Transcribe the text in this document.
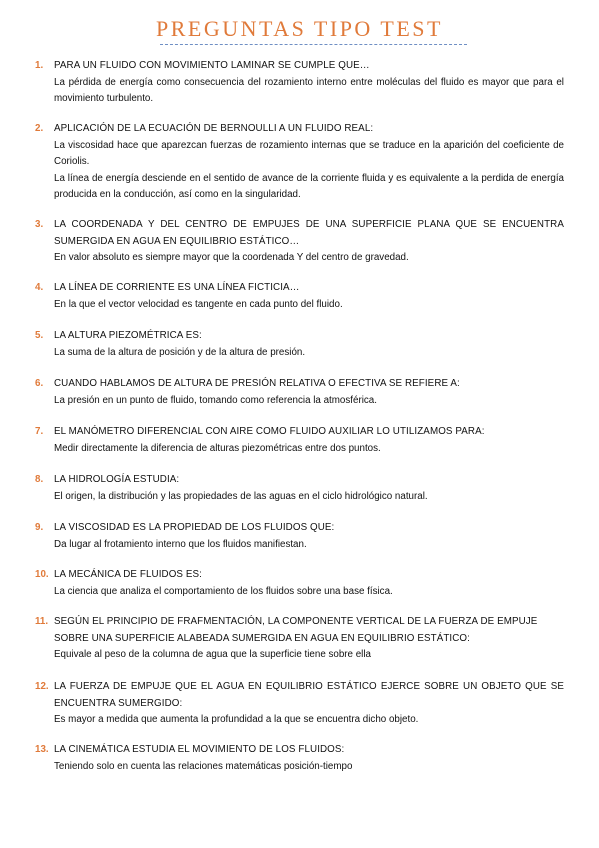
PREGUNTAS TIPO TEST
1.	PARA UN FLUIDO CON MOVIMIENTO LAMINAR SE CUMPLE QUE…
La pérdida de energía como consecuencia del rozamiento interno entre moléculas del fluido es mayor que para el movimiento turbulento.
2.	APLICACIÓN DE LA ECUACIÓN DE BERNOULLI A UN FLUIDO REAL:
La viscosidad hace que aparezcan fuerzas de rozamiento internas que se traduce en la aparición del coeficiente de Coriolis.
La línea de energía desciende en el sentido de avance de la corriente fluida y es equivalente a la perdida de energía producida en la conducción, así como en la singularidad.
3.	LA COORDENADA Y DEL CENTRO DE EMPUJES DE UNA SUPERFICIE PLANA QUE SE ENCUENTRA SUMERGIDA EN AGUA EN EQUILIBRIO ESTÁTICO…
En valor absoluto es siempre mayor que la coordenada Y del centro de gravedad.
4.	LA LÍNEA DE CORRIENTE ES UNA LÍNEA FICTICIA…
En la que el vector velocidad es tangente en cada punto del fluido.
5.	LA ALTURA PIEZOMÉTRICA ES:
La suma de la altura de posición y de la altura de presión.
6.	CUANDO HABLAMOS DE ALTURA DE PRESIÓN RELATIVA O EFECTIVA SE REFIERE A:
La presión en un punto de fluido, tomando como referencia la atmosférica.
7.	EL MANÓMETRO DIFERENCIAL CON AIRE COMO FLUIDO AUXILIAR LO UTILIZAMOS PARA:
Medir directamente la diferencia de alturas piezométricas entre dos puntos.
8.	LA HIDROLOGÍA ESTUDIA:
El origen, la distribución y las propiedades de las aguas en el ciclo hidrológico natural.
9.	LA VISCOSIDAD ES LA PROPIEDAD DE LOS FLUIDOS QUE:
Da lugar al frotamiento interno que los fluidos manifiestan.
10. LA MECÁNICA DE FLUIDOS ES:
La ciencia que analiza el comportamiento de los fluidos sobre una base física.
11. SEGÚN EL PRINCIPIO DE FRAFMENTACIÓN, LA COMPONENTE VERTICAL DE LA FUERZA DE EMPUJE SOBRE UNA SUPERFICIE ALABEADA SUMERGIDA EN AGUA EN EQUILIBRIO ESTÁTICO:
Equivale al peso de la columna de agua que la superficie tiene sobre ella
12. LA FUERZA DE EMPUJE QUE EL AGUA EN EQUILIBRIO ESTÁTICO EJERCE SOBRE UN OBJETO QUE SE ENCUENTRA SUMERGIDO:
Es mayor a medida que aumenta la profundidad a la que se encuentra dicho objeto.
13. LA CINEMÁTICA ESTUDIA EL MOVIMIENTO DE LOS FLUIDOS:
Teniendo solo en cuenta las relaciones matemáticas posición-tiempo
